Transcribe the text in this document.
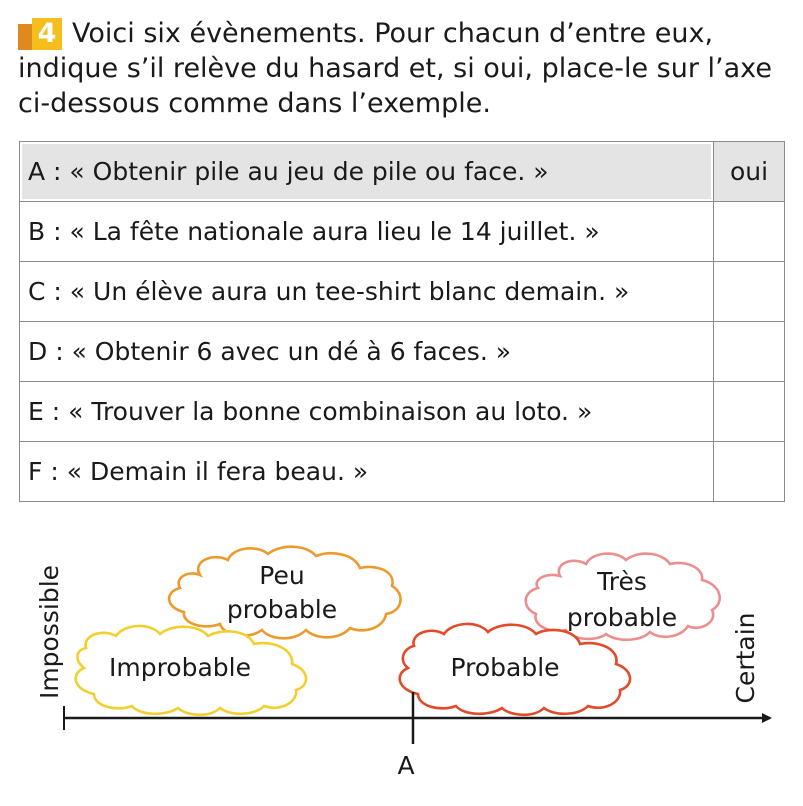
4 Voici six évènements. Pour chacun d’entre eux, indique s’il relève du hasard et, si oui, place-le sur l’axe ci-dessous comme dans l’exemple.

A : « Obtenir pile au jeu de pile ou face. »	oui
B : « La fête nationale aura lieu le 14 juillet. »	
C : « Un élève aura un tee-shirt blanc demain. »	
D : « Obtenir 6 avec un dé à 6 faces. »	
E : « Trouver la bonne combinaison au loto. »	
F : « Demain il fera beau. »	
Peu
probable
Très
probable
Improbable	Probable
Impossible	Certain
A
